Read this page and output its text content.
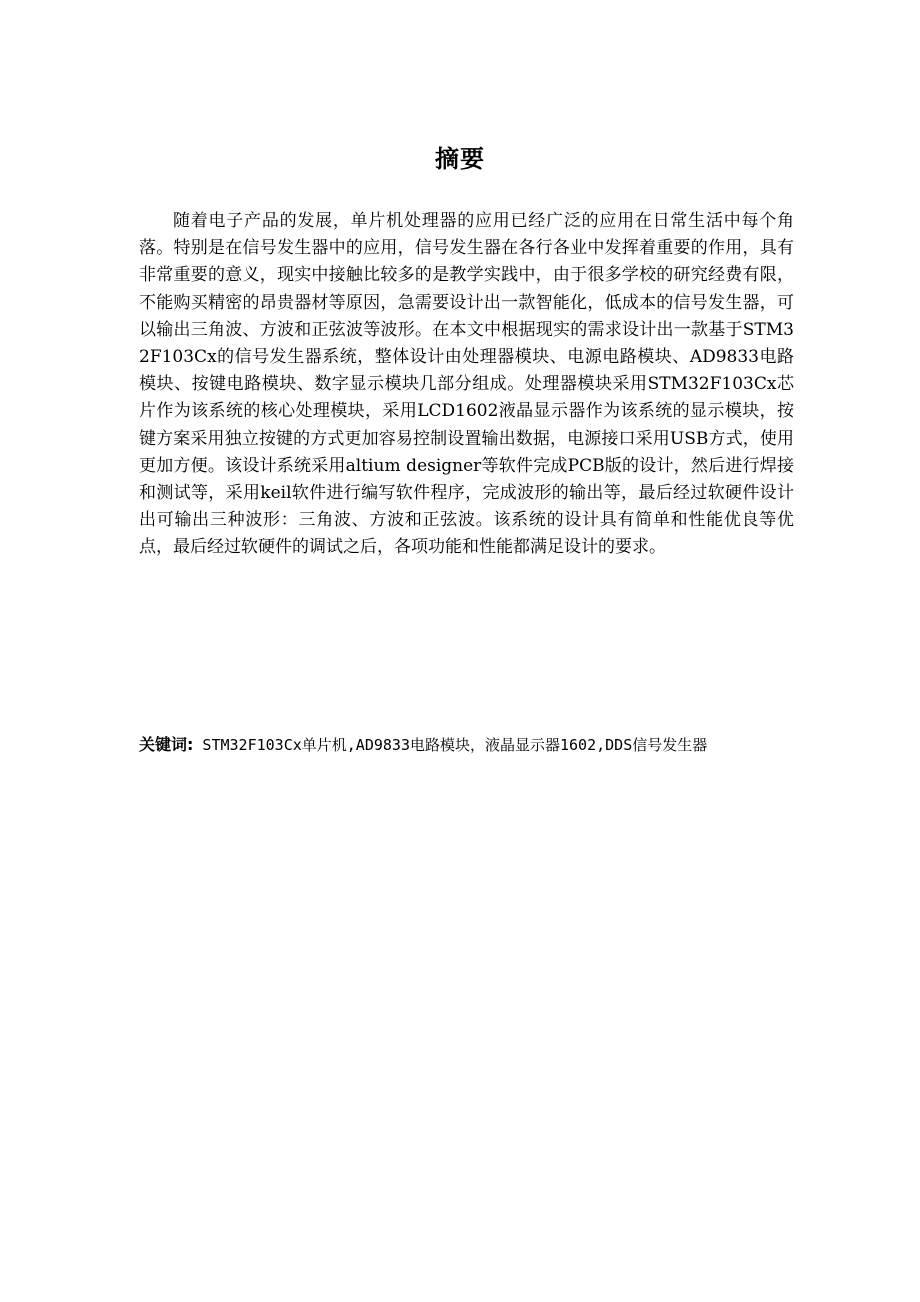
摘要

随着电子产品的发展，单片机处理器的应用已经广泛的应用在日常生活中每个角落。特别是在信号发生器中的应用，信号发生器在各行各业中发挥着重要的作用，具有非常重要的意义，现实中接触比较多的是教学实践中，由于很多学校的研究经费有限，不能购买精密的昂贵器材等原因，急需要设计出一款智能化，低成本的信号发生器，可以输出三角波、方波和正弦波等波形。在本文中根据现实的需求设计出一款基于STM32F103Cx的信号发生器系统，整体设计由处理器模块、电源电路模块、AD9833电路模块、按键电路模块、数字显示模块几部分组成。处理器模块采用STM32F103Cx芯片作为该系统的核心处理模块，采用LCD1602液晶显示器作为该系统的显示模块，按键方案采用独立按键的方式更加容易控制设置输出数据，电源接口采用USB方式，使用更加方便。该设计系统采用altium designer等软件完成PCB版的设计，然后进行焊接和测试等，采用keil软件进行编写软件程序，完成波形的输出等，最后经过软硬件设计出可输出三种波形：三角波、方波和正弦波。该系统的设计具有简单和性能优良等优点，最后经过软硬件的调试之后，各项功能和性能都满足设计的要求。

关键词: STM32F103Cx单片机,AD9833电路模块，液晶显示器1602,DDS信号发生器
